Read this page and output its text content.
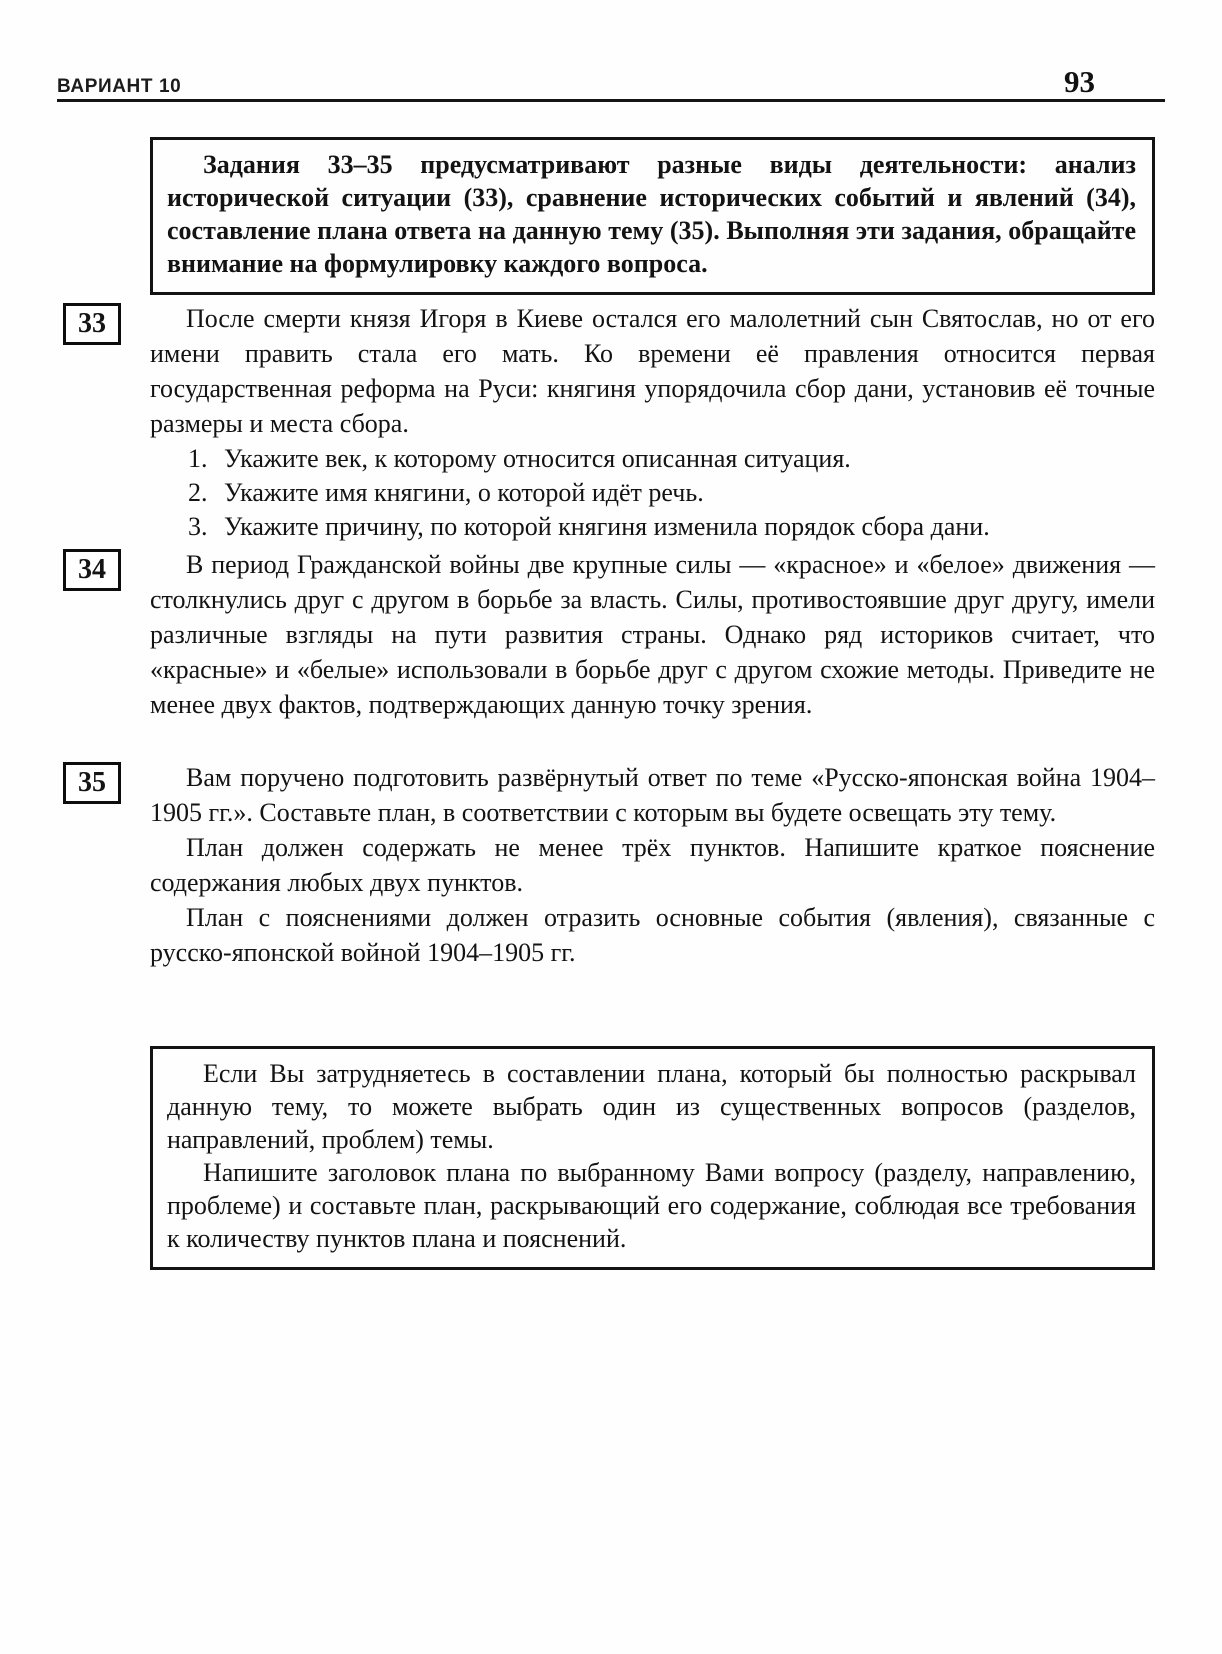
ВАРИАНТ 10	93

Задания 33–35 предусматривают разные виды деятельности: анализ исторической ситуации (33), сравнение исторических событий и явлений (34), составление плана ответа на данную тему (35). Выполняя эти задания, обращайте внимание на формулировку каждого вопроса.

33	После смерти князя Игоря в Киеве остался его малолетний сын Святослав, но от его имени править стала его мать. Ко времени её правления относится первая государственная реформа на Руси: княгиня упорядочила сбор дани, установив её точные размеры и места сбора.

1. Укажите век, к которому относится описанная ситуация.
2. Укажите имя княгини, о которой идёт речь.
3. Укажите причину, по которой княгиня изменила порядок сбора дани.
34	В период Гражданской войны две крупные силы — «красное» и «белое» движения — столкнулись друг с другом в борьбе за власть. Силы, противостоявшие друг другу, имели различные взгляды на пути развития страны. Однако ряд историков считает, что «красные» и «белые» использовали в борьбе друг с другом схожие методы. Приведите не менее двух фактов, подтверждающих данную точку зрения.

35	Вам поручено подготовить развёрнутый ответ по теме «Русско-японская война 1904–1905 гг.». Составьте план, в соответствии с которым вы будете освещать эту тему.

План должен содержать не менее трёх пунктов. Напишите краткое пояснение содержания любых двух пунктов.

План с пояснениями должен отразить основные события (явления), связанные с русско-японской войной 1904–1905 гг.

Если Вы затрудняетесь в составлении плана, который бы полностью раскрывал данную тему, то можете выбрать один из существенных вопросов (разделов, направлений, проблем) темы.

Напишите заголовок плана по выбранному Вами вопросу (разделу, направлению, проблеме) и составьте план, раскрывающий его содержание, соблюдая все требования к количеству пунктов плана и пояснений.
